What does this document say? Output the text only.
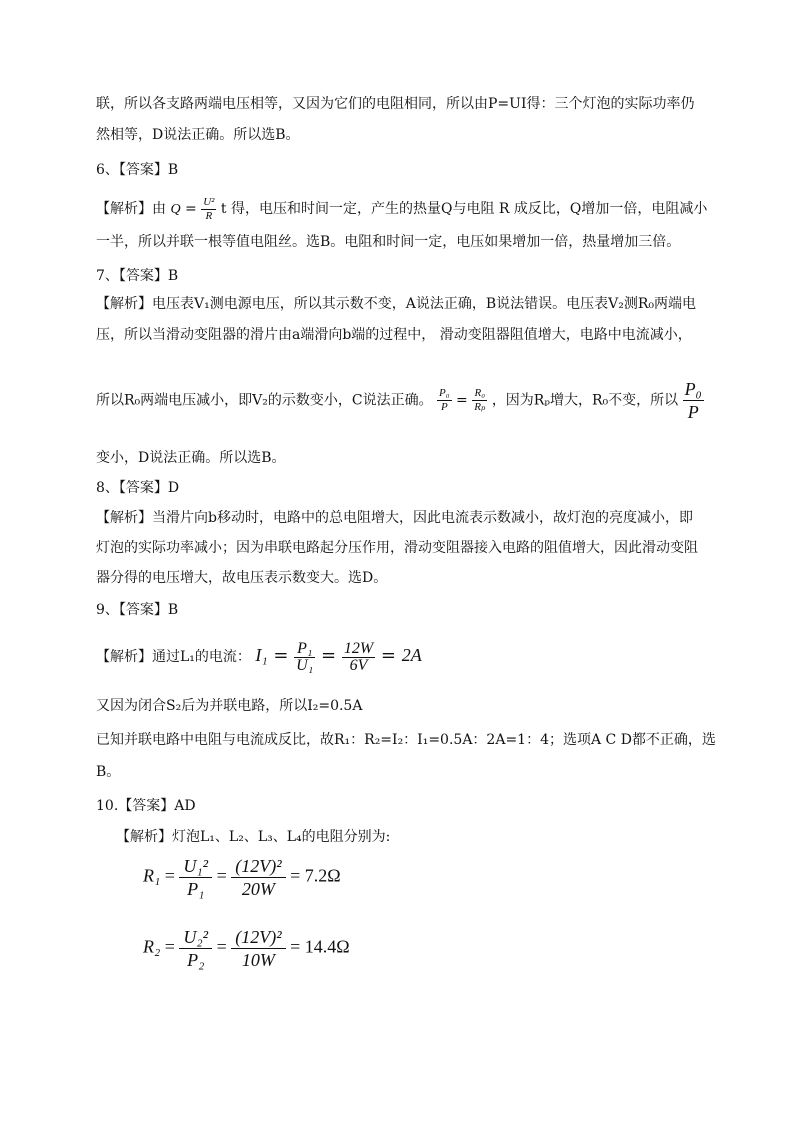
联，所以各支路两端电压相等，又因为它们的电阻相同，所以由P=UI得：三个灯泡的实际功率仍
然相等，D说法正确。所以选B。
6、【答案】B
【解析】由 $Q = \frac{\text{U²}}{R}$ t 得，电压和时间一定，产生的热量Q与电阻 R 成反比，Q增加一倍，电阻减小
一半，所以并联一根等值电阻丝。选B。电阻和时间一定，电压如果增加一倍，热量增加三倍。
7、【答案】B
【解析】电压表V₁测电源电压，所以其示数不变，A说法正确，B说法错误。电压表V₂测R₀两端电
压，所以当滑动变阻器的滑片由a端滑向b端的过程中， 滑动变阻器阻值增大，电路中电流减小，
所以R₀两端电压减小，即V₂的示数变小，C说法正确。 $\frac{\text{P₀}}{P} = \frac{\text{R₀}}{\text{Rₚ}}$ ，因为Rₚ增大，R₀不变，所以 $\frac{\text{P₀}}{P}$
变小，D说法正确。所以选B。
8、【答案】D
【解析】当滑片向b移动时，电路中的总电阻增大，因此电流表示数减小，故灯泡的亮度减小，即
灯泡的实际功率减小；因为串联电路起分压作用，滑动变阻器接入电路的阻值增大，因此滑动变阻
器分得的电压增大，故电压表示数变大。选D。
9、【答案】B
【解析】通过L₁的电流： $I_1 = \frac{\text{P₁}}{\text{U₁}} = \frac{12W}{6V} = 2A$
又因为闭合S₂后为并联电路，所以I₂=0.5A
已知并联电路中电阻与电流成反比，故R₁：R₂=I₂：I₁=0.5A：2A=1：4；选项A C D都不正确，选
B。
10.【答案】AD
【解析】灯泡L₁、L₂、L₃、L₄的电阻分别为:
$R_1 = \frac{\text{U₁²}}{\text{P₁}} = \frac{\text{(12V)²}}{20W} = 7.2\Omega$
$R_2 = \frac{\text{U₂²}}{\text{P₂}} = \frac{\text{(12V)²}}{10W} = 14.4\Omega$
